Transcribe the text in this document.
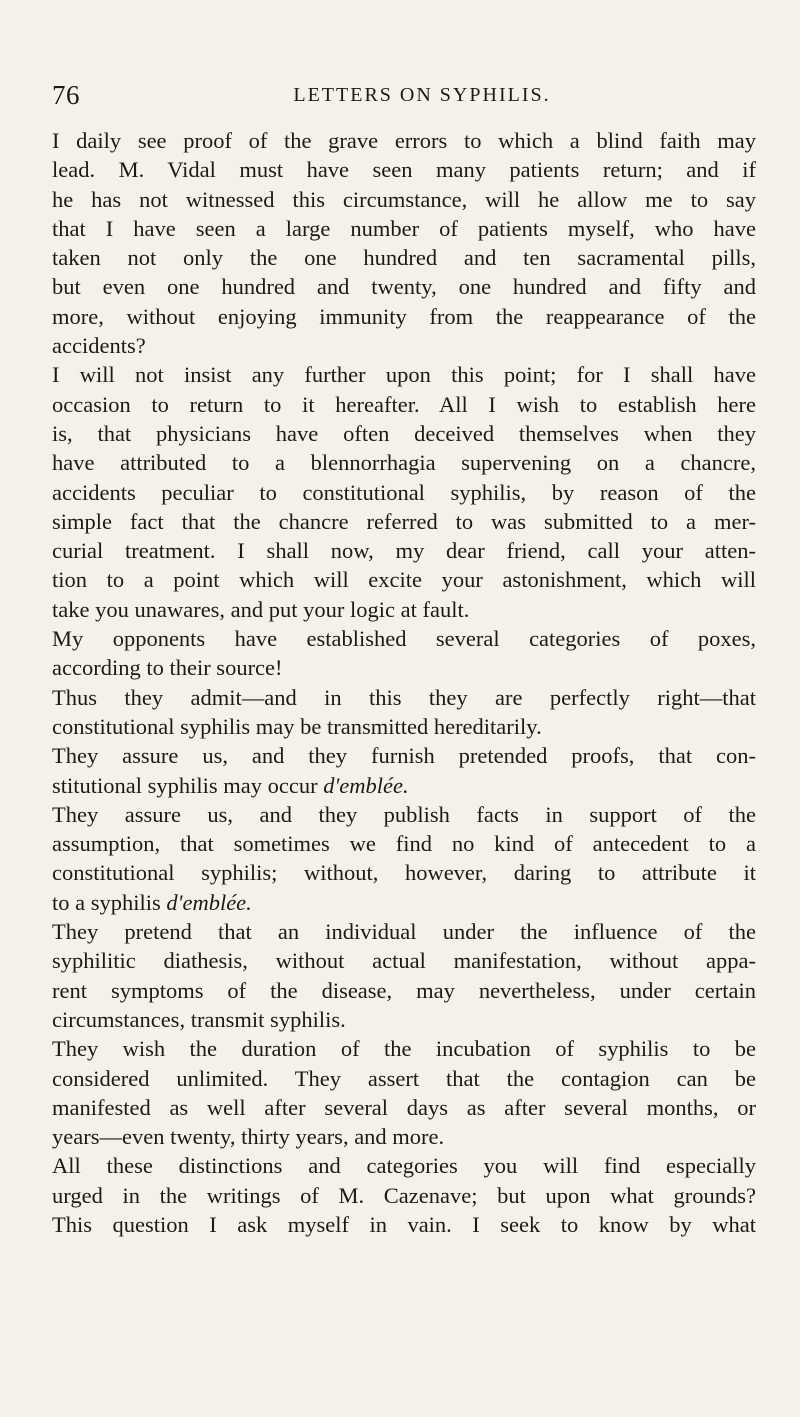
76	LETTERS ON SYPHILIS.
I daily see proof of the grave errors to which a blind faith may
lead. M. Vidal must have seen many patients return; and if
he has not witnessed this circumstance, will he allow me to say
that I have seen a large number of patients myself, who have
taken not only the one hundred and ten sacramental pills,
but even one hundred and twenty, one hundred and fifty and
more, without enjoying immunity from the reappearance of the
accidents?
I will not insist any further upon this point; for I shall have
occasion to return to it hereafter. All I wish to establish here
is, that physicians have often deceived themselves when they
have attributed to a blennorrhagia supervening on a chancre,
accidents peculiar to constitutional syphilis, by reason of the
simple fact that the chancre referred to was submitted to a mer-
curial treatment. I shall now, my dear friend, call your atten-
tion to a point which will excite your astonishment, which will
take you unawares, and put your logic at fault.
My opponents have established several categories of poxes,
according to their source!
Thus they admit—and in this they are perfectly right—that
constitutional syphilis may be transmitted hereditarily.
They assure us, and they furnish pretended proofs, that con-
stitutional syphilis may occur d'emblée.
They assure us, and they publish facts in support of the
assumption, that sometimes we find no kind of antecedent to a
constitutional syphilis; without, however, daring to attribute it
to a syphilis d'emblée.
They pretend that an individual under the influence of the
syphilitic diathesis, without actual manifestation, without appa-
rent symptoms of the disease, may nevertheless, under certain
circumstances, transmit syphilis.
They wish the duration of the incubation of syphilis to be
considered unlimited. They assert that the contagion can be
manifested as well after several days as after several months, or
years—even twenty, thirty years, and more.
All these distinctions and categories you will find especially
urged in the writings of M. Cazenave; but upon what grounds?
This question I ask myself in vain. I seek to know by what
